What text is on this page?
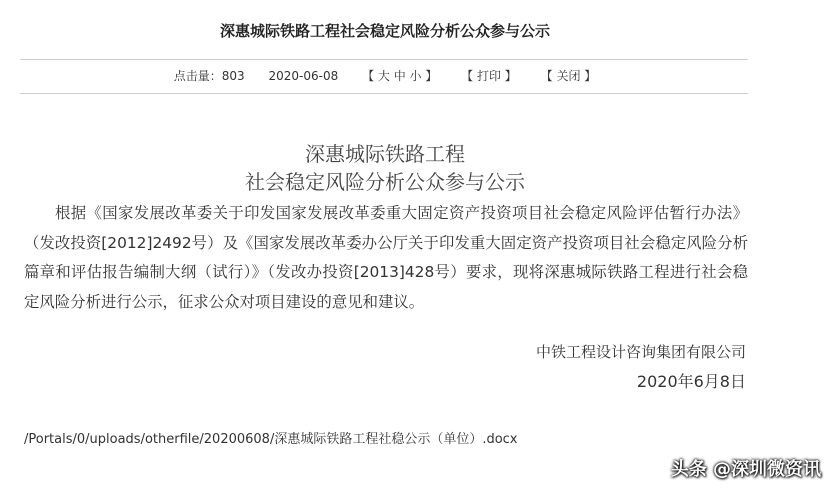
深惠城际铁路工程社会稳定风险分析公众参与公示
点击量：803 2020-06-08 【 大 中 小 】 【 打印 】 【 关闭 】
深惠城际铁路工程
社会稳定风险分析公众参与公示
根据《国家发展改革委关于印发国家发展改革委重大固定资产投资项目社会稳定风险评估暂行办法》（发改投资[2012]2492号）及《国家发展改革委办公厅关于印发重大固定资产投资项目社会稳定风险分析篇章和评估报告编制大纲（试行）》（发改办投资[2013]428号）要求，现将深惠城际铁路工程进行社会稳定风险分析进行公示，征求公众对项目建设的意见和建议。
中铁工程设计咨询集团有限公司
2020年6月8日
/Portals/0/uploads/otherfile/20200608/深惠城际铁路工程社稳公示（单位）.docx
头条 @深圳微资讯
